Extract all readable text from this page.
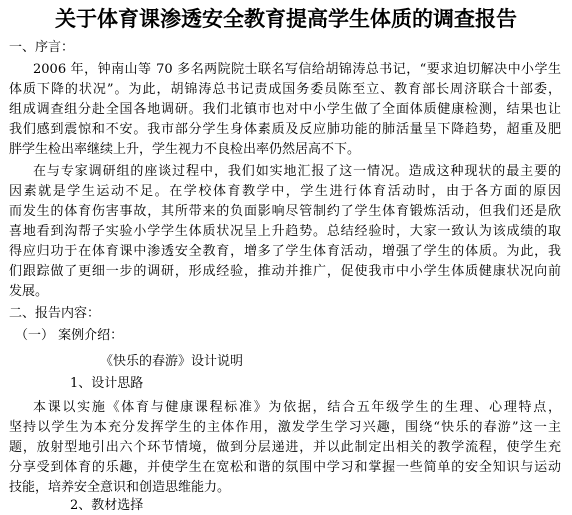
关于体育课渗透安全教育提高学生体质的调查报告
一、序言：
2006 年，钟南山等 70 多名两院院士联名写信给胡锦涛总书记，“要求迫切解决中小学生
体质下降的状况”。为此，胡锦涛总书记责成国务委员陈至立、教育部长周济联合十部委，
组成调查组分赴全国各地调研。我们北镇市也对中小学生做了全面体质健康检测，结果也让
我们感到震惊和不安。我市部分学生身体素质及反应肺功能的肺活量呈下降趋势，超重及肥
胖学生检出率继续上升，学生视力不良检出率仍然居高不下。
在与专家调研组的座谈过程中，我们如实地汇报了这一情况。造成这种现状的最主要的
因素就是学生运动不足。在学校体育教学中，学生进行体育活动时，由于各方面的原因
而发生的体育伤害事故，其所带来的负面影响尽管制约了学生体育锻炼活动，但我们还是欣
喜地看到沟帮子实验小学学生体质状况呈上升趋势。总结经验时，大家一致认为该成绩的取
得应归功于在体育课中渗透安全教育，增多了学生体育活动，增强了学生的体质。为此，我
们跟踪做了更细一步的调研，形成经验，推动并推广，促使我市中小学生体质健康状况向前
发展。
二、报告内容：
（一） 案例介绍：
《快乐的春游》设计说明
1、设计思路
本课以实施《体育与健康课程标准》为依据，结合五年级学生的生理、心理特点，
坚持以学生为本充分发挥学生的主体作用，激发学生学习兴趣，围绕“快乐的春游”这一主
题，放射型地引出六个环节情境，做到分层递进，并以此制定出相关的教学流程，使学生充
分享受到体育的乐趣，并使学生在宽松和谐的氛围中学习和掌握一些简单的安全知识与运动
技能，培养安全意识和创造思维能力。
2、教材选择
